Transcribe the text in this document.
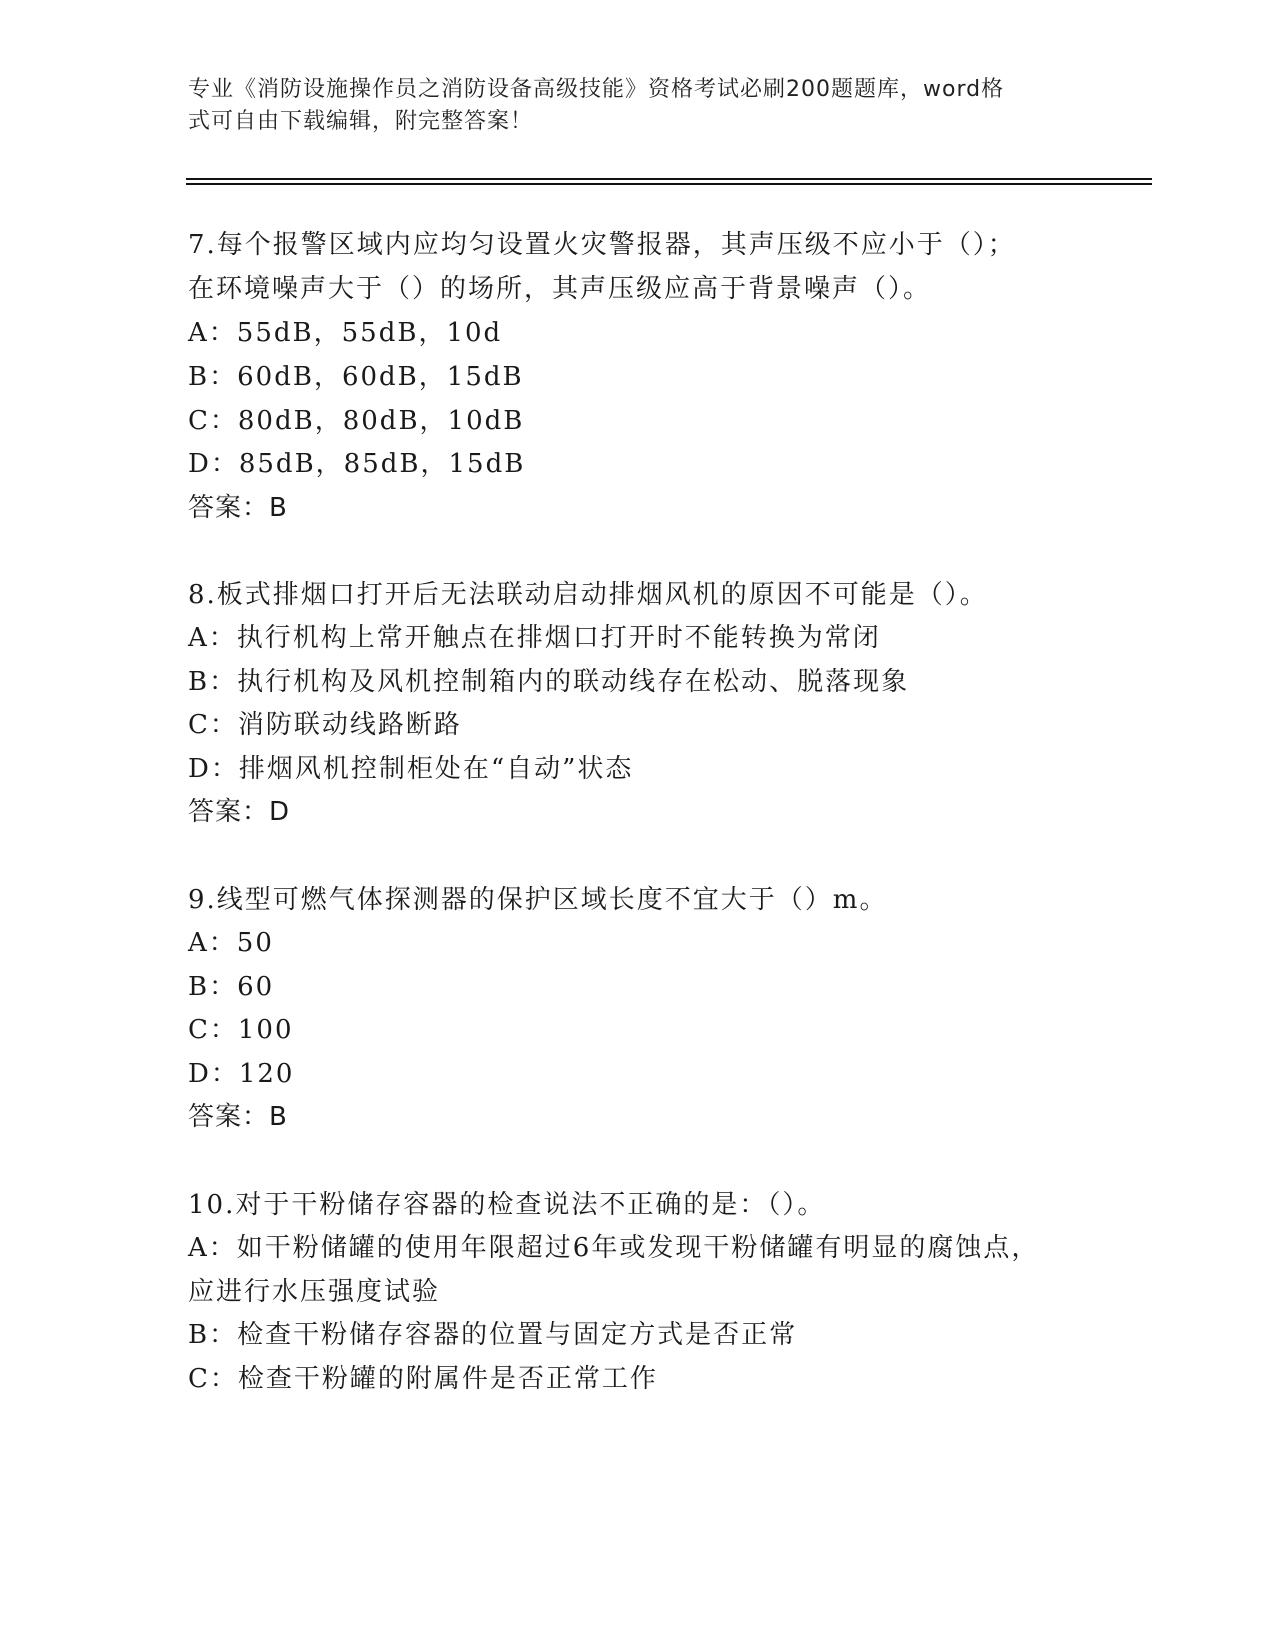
专业《消防设施操作员之消防设备高级技能》资格考试必刷200题题库，word格
式可自由下载编辑，附完整答案！
7.每个报警区域内应均匀设置火灾警报器，其声压级不应小于（）；
在环境噪声大于（）的场所，其声压级应高于背景噪声（）。
A：55dB，55dB，10d
B：60dB，60dB，15dB
C：80dB，80dB，10dB
D：85dB，85dB，15dB
答案：B
8.板式排烟口打开后无法联动启动排烟风机的原因不可能是（）。
A：执行机构上常开触点在排烟口打开时不能转换为常闭
B：执行机构及风机控制箱内的联动线存在松动、脱落现象
C：消防联动线路断路
D：排烟风机控制柜处在“自动”状态
答案：D
9.线型可燃气体探测器的保护区域长度不宜大于（）m。
A：50
B：60
C：100
D：120
答案：B
10.对于干粉储存容器的检查说法不正确的是：（）。
A：如干粉储罐的使用年限超过6年或发现干粉储罐有明显的腐蚀点，
应进行水压强度试验
B：检查干粉储存容器的位置与固定方式是否正常
C：检查干粉罐的附属件是否正常工作
